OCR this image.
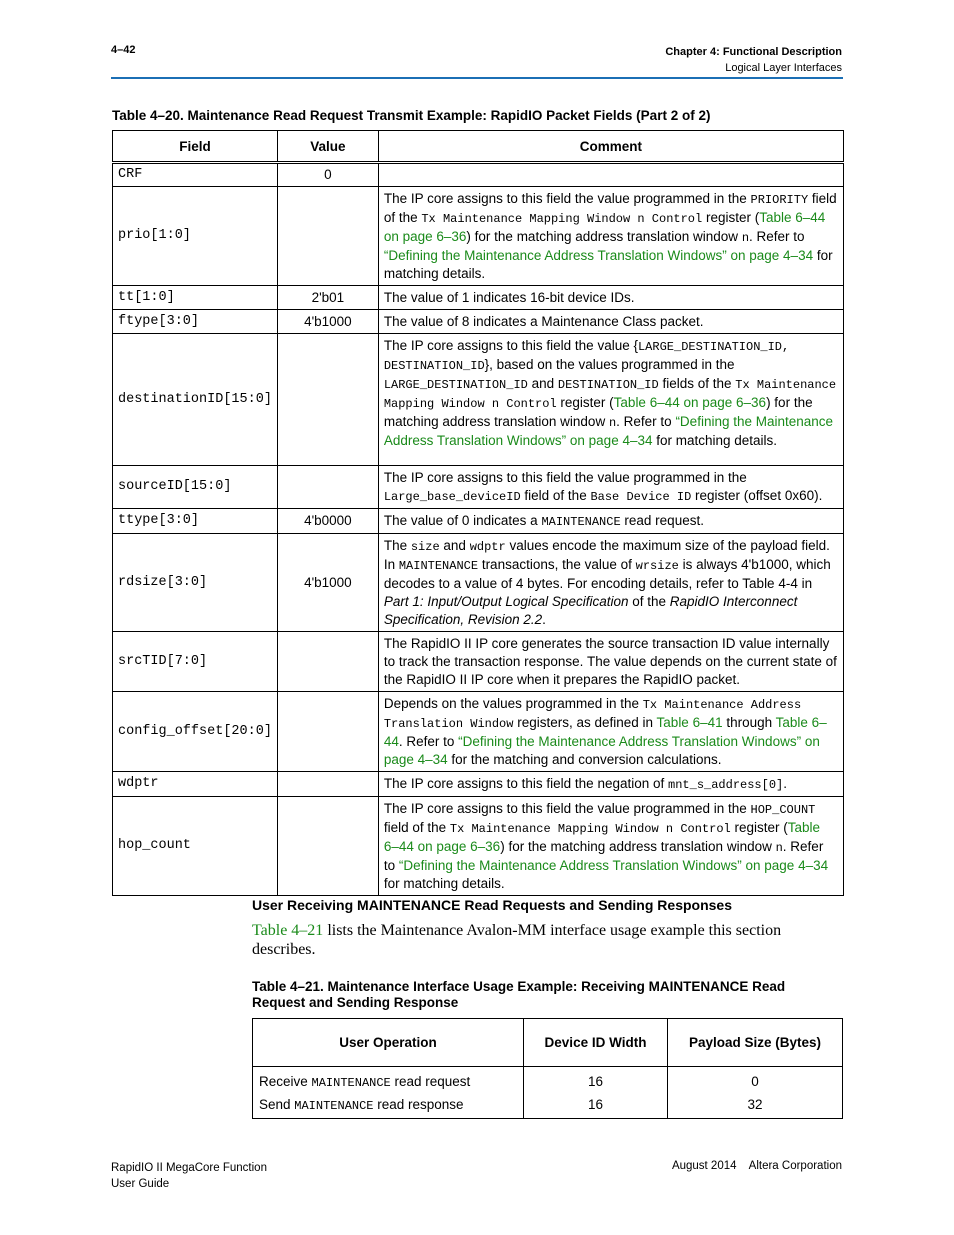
4–42	Chapter 4: Functional Description
Logical Layer Interfaces
Table 4–20. Maintenance Read Request Transmit Example: RapidIO Packet Fields (Part 2 of 2)
Field	Value	Comment

CRF	0	
prio[1:0]		The IP core assigns to this field the value programmed in the PRIORITY field of the Tx Maintenance Mapping Window n Control register (Table 6–44 on page 6–36) for the matching address translation window n. Refer to “Defining the Maintenance Address Translation Windows” on page 4–34 for matching details.
tt[1:0]	2'b01	The value of 1 indicates 16-bit device IDs.
ftype[3:0]	4'b1000	The value of 8 indicates a Maintenance Class packet.
destinationID[15:0]		The IP core assigns to this field the value {LARGE_DESTINATION_ID, DESTINATION_ID}, based on the values programmed in the LARGE_DESTINATION_ID and DESTINATION_ID fields of the Tx Maintenance Mapping Window n Control register (Table 6–44 on page 6–36) for the matching address translation window n. Refer to “Defining the Maintenance Address Translation Windows” on page 4–34 for matching details.
sourceID[15:0]		The IP core assigns to this field the value programmed in the Large_base_deviceID field of the Base Device ID register (offset 0x60).
ttype[3:0]	4'b0000	The value of 0 indicates a MAINTENANCE read request.
rdsize[3:0]	4'b1000	The size and wdptr values encode the maximum size of the payload field. In MAINTENANCE transactions, the value of wrsize is always 4'b1000, which decodes to a value of 4 bytes. For encoding details, refer to Table 4-4 in Part 1: Input/Output Logical Specification of the RapidIO Interconnect Specification, Revision 2.2.
srcTID[7:0]		The RapidIO II IP core generates the source transaction ID value internally to track the transaction response. The value depends on the current state of the RapidIO II IP core when it prepares the RapidIO packet.
config_offset[20:0]		Depends on the values programmed in the Tx Maintenance Address Translation Window registers, as defined in Table 6–41 through Table 6–44. Refer to “Defining the Maintenance Address Translation Windows” on page 4–34 for the matching and conversion calculations.
wdptr		The IP core assigns to this field the negation of mnt_s_address[0].
hop_count		The IP core assigns to this field the value programmed in the HOP_COUNT field of the Tx Maintenance Mapping Window n Control register (Table 6–44 on page 6–36) for the matching address translation window n. Refer to “Defining the Maintenance Address Translation Windows” on page 4–34 for matching details.
User Receiving MAINTENANCE Read Requests and Sending Responses
Table 4–21 lists the Maintenance Avalon-MM interface usage example this section describes.
Table 4–21. Maintenance Interface Usage Example: Receiving MAINTENANCE Read Request and Sending Response
User Operation	Device ID Width	Payload Size (Bytes)
Receive MAINTENANCE read request	16	0
Send MAINTENANCE read response	16	32
RapidIO II MegaCore Function
User Guide
August 2014    Altera Corporation
